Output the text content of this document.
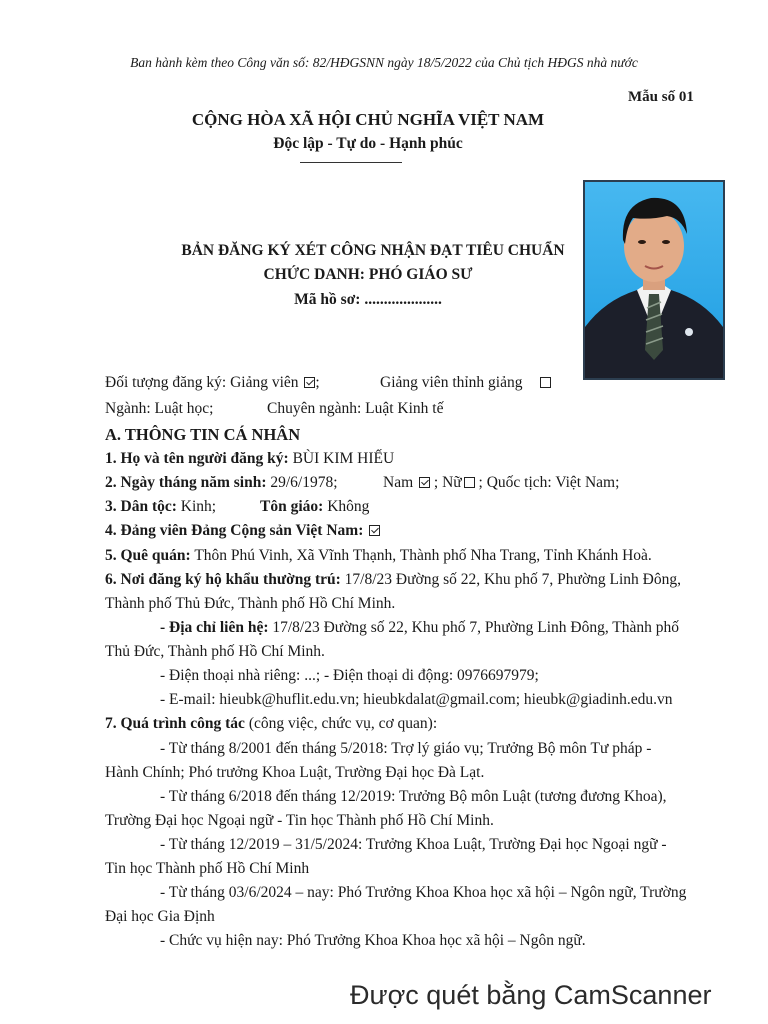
Ban hành kèm theo Công văn số: 82/HĐGSNN ngày 18/5/2022 của Chủ tịch HĐGS nhà nước
Mẫu số 01
CỘNG HÒA XÃ HỘI CHỦ NGHĨA VIỆT NAM
Độc lập - Tự do - Hạnh phúc
BẢN ĐĂNG KÝ XÉT CÔNG NHẬN ĐẠT TIÊU CHUẨN
CHỨC DANH: PHÓ GIÁO SƯ
Mã hồ sơ: ....................
Đối tượng đăng ký: Giảng viên ;	Giảng viên thỉnh giảng
Ngành: Luật học;	Chuyên ngành: Luật Kinh tế
A. THÔNG TIN CÁ NHÂN
1. Họ và tên người đăng ký: BÙI KIM HIẾU
2. Ngày tháng năm sinh: 29/6/1978;	Nam  ; Nữ ; Quốc tịch: Việt Nam;
3. Dân tộc: Kinh;	Tôn giáo: Không
4. Đảng viên Đảng Cộng sản Việt Nam:
5. Quê quán: Thôn Phú Vinh, Xã Vĩnh Thạnh, Thành phố Nha Trang, Tỉnh Khánh Hoà.
6. Nơi đăng ký hộ khẩu thường trú: 17/8/23 Đường số 22, Khu phố 7, Phường Linh Đông,
Thành phố Thủ Đức, Thành phố Hồ Chí Minh.
- Địa chỉ liên hệ: 17/8/23 Đường số 22, Khu phố 7, Phường Linh Đông, Thành phố
Thủ Đức, Thành phố Hồ Chí Minh.
- Điện thoại nhà riêng: ...; - Điện thoại di động: 0976697979;
- E-mail: hieubk@huflit.edu.vn; hieubkdalat@gmail.com; hieubk@giadinh.edu.vn
7. Quá trình công tác (công việc, chức vụ, cơ quan):
- Từ tháng 8/2001 đến tháng 5/2018: Trợ lý giáo vụ; Trưởng Bộ môn Tư pháp -
Hành Chính; Phó trưởng Khoa Luật, Trường Đại học Đà Lạt.
- Từ tháng 6/2018 đến tháng 12/2019: Trưởng Bộ môn Luật (tương đương Khoa),
Trường Đại học Ngoại ngữ - Tin học Thành phố Hồ Chí Minh.
- Từ tháng 12/2019 – 31/5/2024: Trưởng Khoa Luật, Trường Đại học Ngoại ngữ -
Tin học Thành phố Hồ Chí Minh
- Từ tháng 03/6/2024 – nay: Phó Trưởng Khoa Khoa học xã hội – Ngôn ngữ, Trường
Đại học Gia Định
- Chức vụ hiện nay: Phó Trưởng Khoa Khoa học xã hội – Ngôn ngữ.
Được quét bằng CamScanner
